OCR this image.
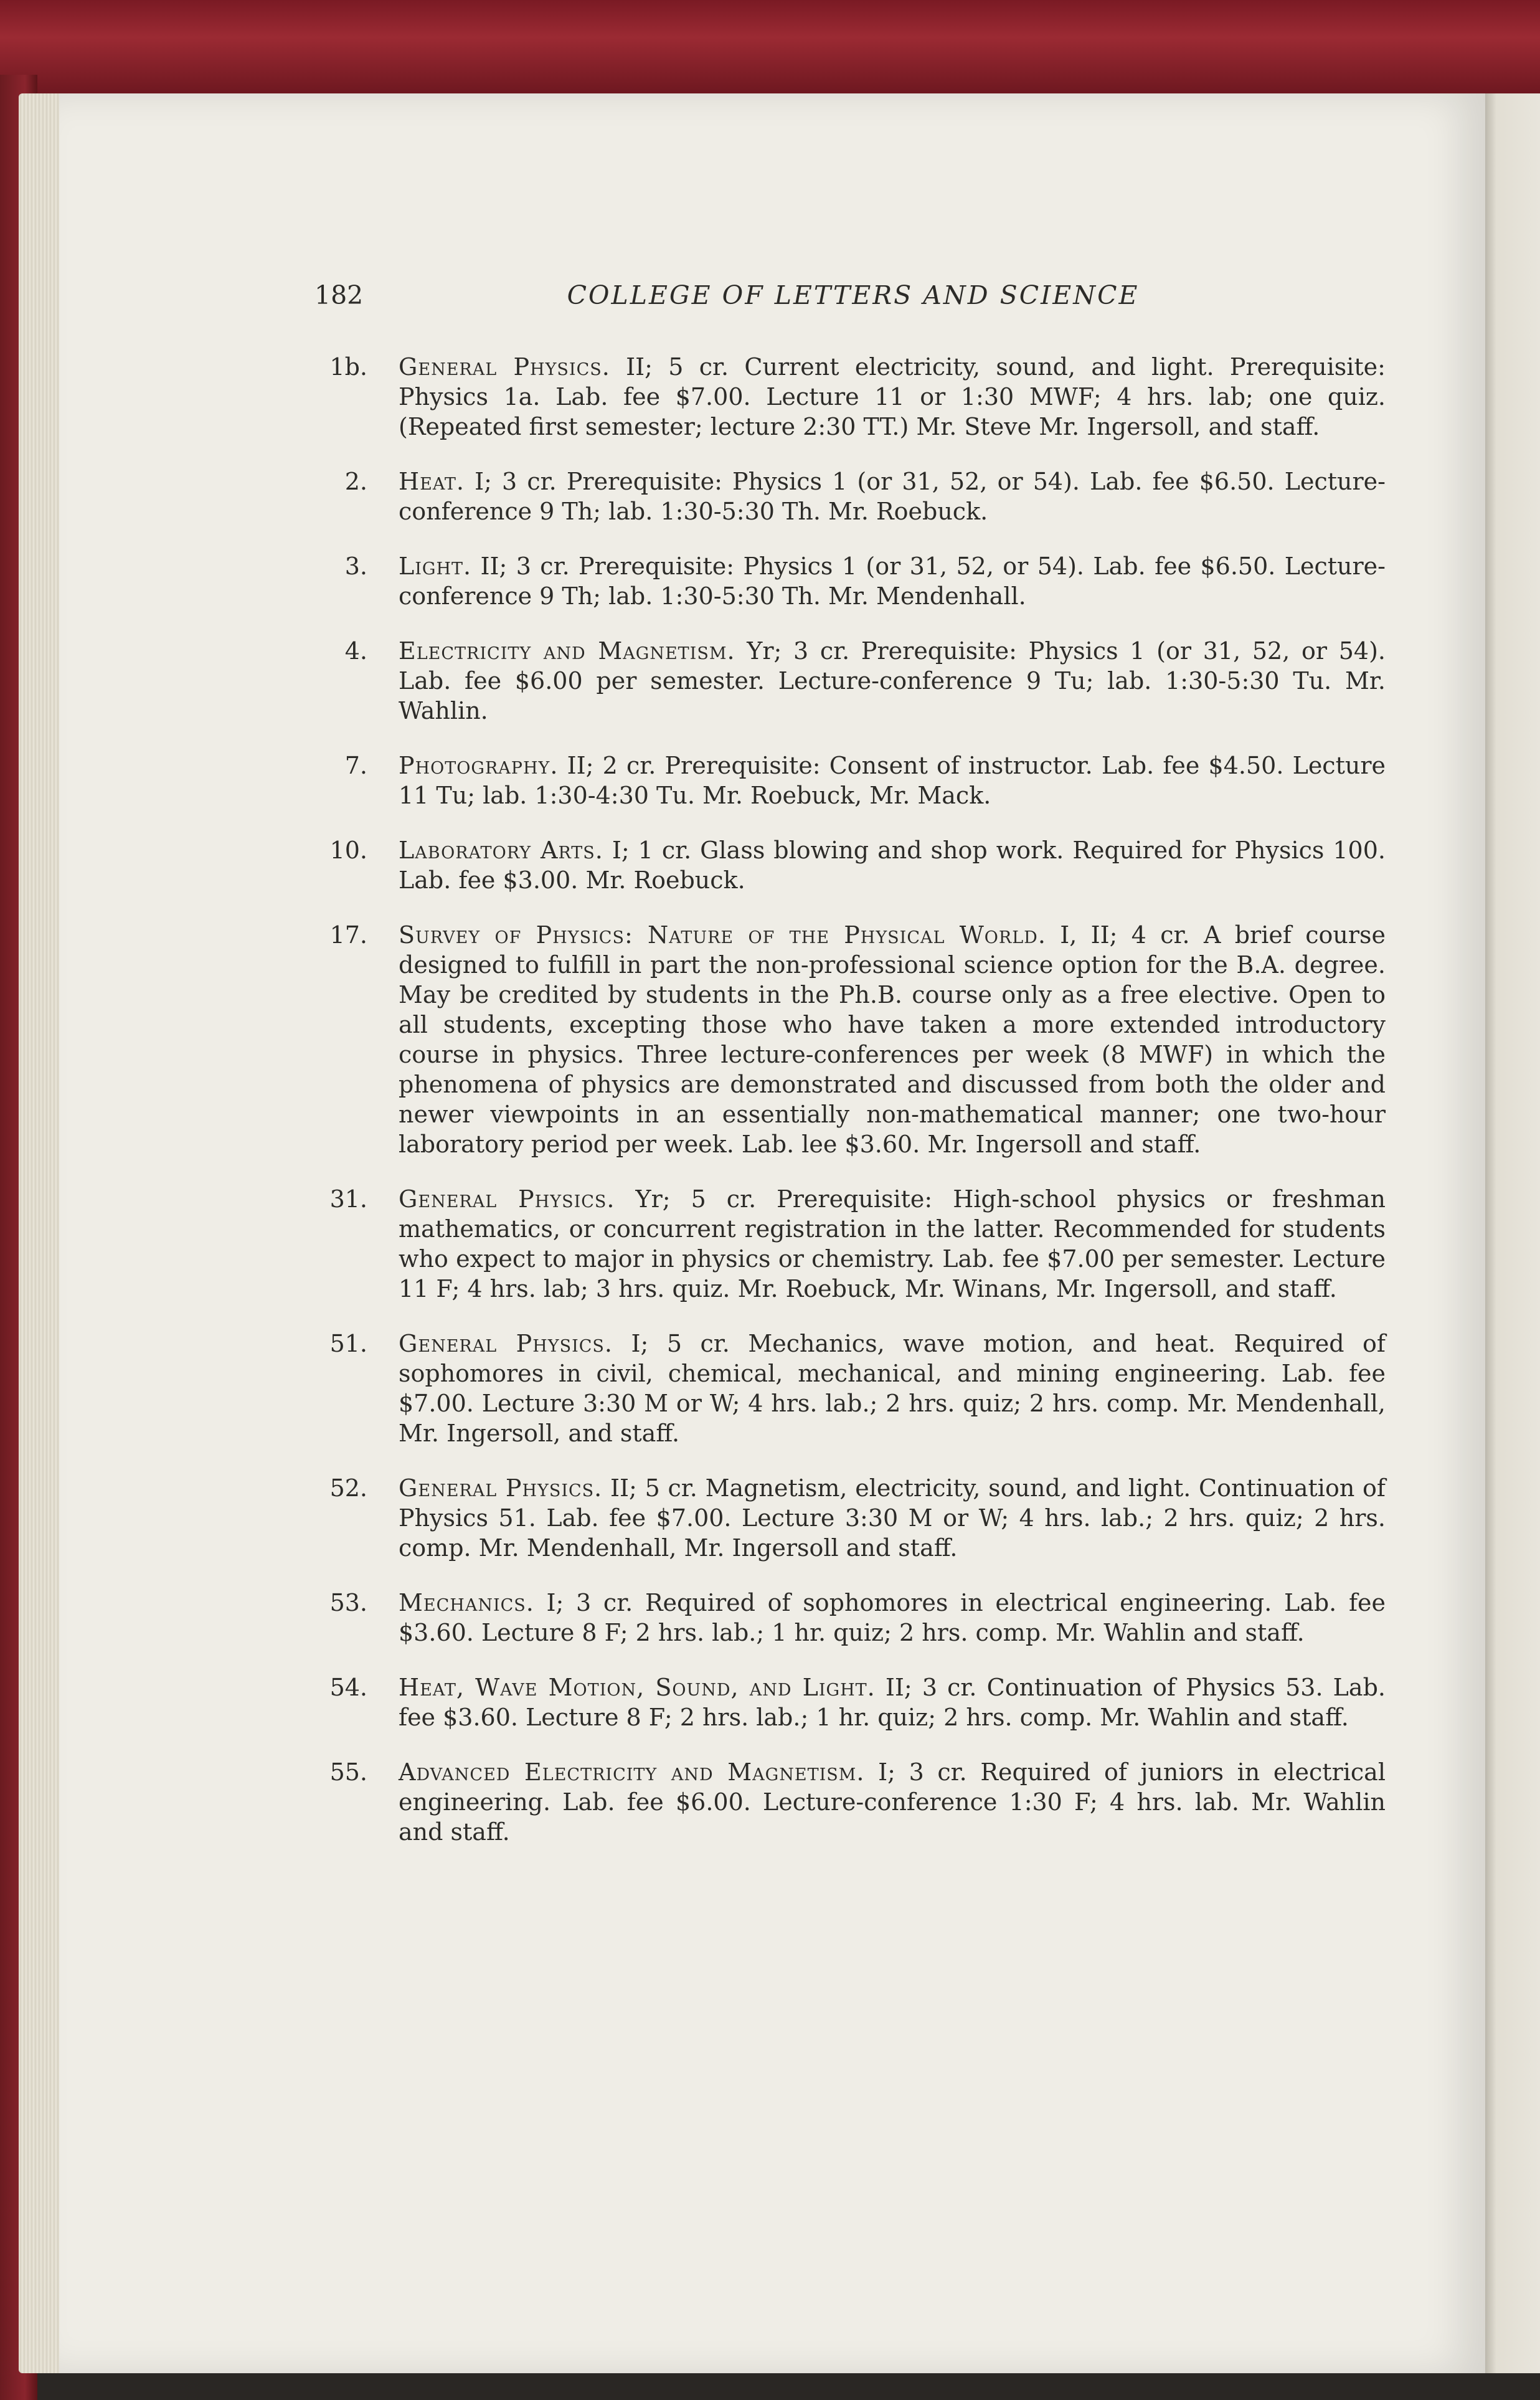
182	COLLEGE OF LETTERS AND SCIENCE
1b. General Physics. II; 5 cr. Current electricity, sound, and light. Prerequisite: Physics 1a. Lab. fee $7.00. Lecture 11 or 1:30 MWF; 4 hrs. lab; one quiz. (Repeated first semester; lecture 2:30 TT.) Mr. Steve Mr. Ingersoll, and staff.
2. Heat. I; 3 cr. Prerequisite: Physics 1 (or 31, 52, or 54). Lab. fee $6.50. Lecture-conference 9 Th; lab. 1:30-5:30 Th. Mr. Roebuck.
3. Light. II; 3 cr. Prerequisite: Physics 1 (or 31, 52, or 54). Lab. fee $6.50. Lecture-conference 9 Th; lab. 1:30-5:30 Th. Mr. Mendenhall.
4. Electricity and Magnetism. Yr; 3 cr. Prerequisite: Physics 1 (or 31, 52, or 54). Lab. fee $6.00 per semester. Lecture-conference 9 Tu; lab. 1:30-5:30 Tu. Mr. Wahlin.
7. Photography. II; 2 cr. Prerequisite: Consent of instructor. Lab. fee $4.50. Lecture 11 Tu; lab. 1:30-4:30 Tu. Mr. Roebuck, Mr. Mack.
10. Laboratory Arts. I; 1 cr. Glass blowing and shop work. Required for Physics 100. Lab. fee $3.00. Mr. Roebuck.
17. Survey of Physics: Nature of the Physical World. I, II; 4 cr. A brief course designed to fulfill in part the non-professional science option for the B.A. degree. May be credited by students in the Ph.B. course only as a free elective. Open to all students, excepting those who have taken a more extended introductory course in physics. Three lecture-conferences per week (8 MWF) in which the phenomena of physics are demonstrated and discussed from both the older and newer viewpoints in an essentially non-mathematical manner; one two-hour laboratory period per week. Lab. lee $3.60. Mr. Ingersoll and staff.
31. General Physics. Yr; 5 cr. Prerequisite: High-school physics or freshman mathematics, or concurrent registration in the latter. Recommended for students who expect to major in physics or chemistry. Lab. fee $7.00 per semester. Lecture 11 F; 4 hrs. lab; 3 hrs. quiz. Mr. Roebuck, Mr. Winans, Mr. Ingersoll, and staff.
51. General Physics. I; 5 cr. Mechanics, wave motion, and heat. Required of sophomores in civil, chemical, mechanical, and mining engineering. Lab. fee $7.00. Lecture 3:30 M or W; 4 hrs. lab.; 2 hrs. quiz; 2 hrs. comp. Mr. Mendenhall, Mr. Ingersoll, and staff.
52. General Physics. II; 5 cr. Magnetism, electricity, sound, and light. Continuation of Physics 51. Lab. fee $7.00. Lecture 3:30 M or W; 4 hrs. lab.; 2 hrs. quiz; 2 hrs. comp. Mr. Mendenhall, Mr. Ingersoll and staff.
53. Mechanics. I; 3 cr. Required of sophomores in electrical engineering. Lab. fee $3.60. Lecture 8 F; 2 hrs. lab.; 1 hr. quiz; 2 hrs. comp. Mr. Wahlin and staff.
54. Heat, Wave Motion, Sound, and Light. II; 3 cr. Continuation of Physics 53. Lab. fee $3.60. Lecture 8 F; 2 hrs. lab.; 1 hr. quiz; 2 hrs. comp. Mr. Wahlin and staff.
55. Advanced Electricity and Magnetism. I; 3 cr. Required of juniors in electrical engineering. Lab. fee $6.00. Lecture-conference 1:30 F; 4 hrs. lab. Mr. Wahlin and staff.
